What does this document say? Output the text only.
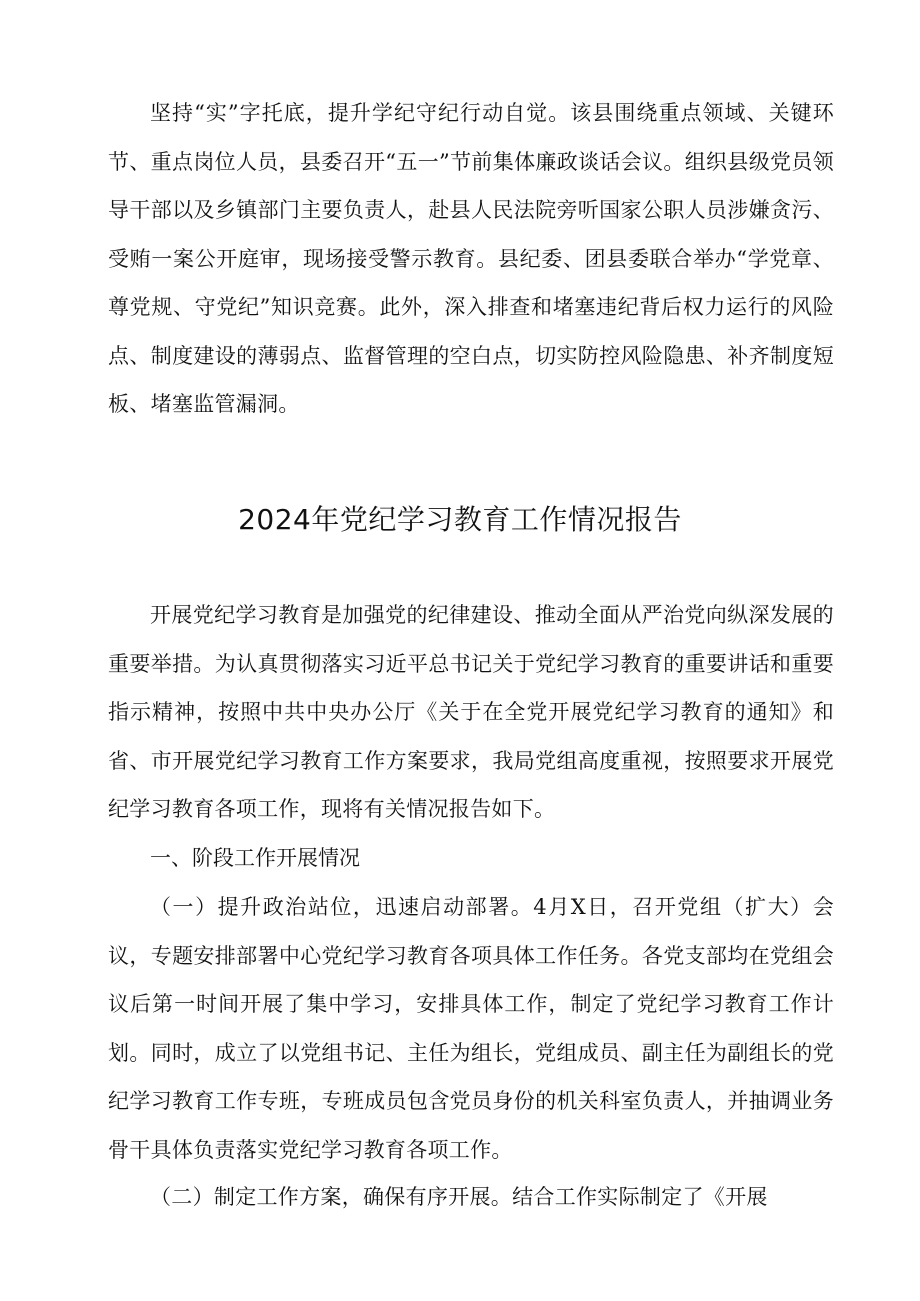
坚持“实”字托底，提升学纪守纪行动自觉。该县围绕重点领域、关键环节、重点岗位人员，县委召开“五一”节前集体廉政谈话会议。组织县级党员领导干部以及乡镇部门主要负责人，赴县人民法院旁听国家公职人员涉嫌贪污、受贿一案公开庭审，现场接受警示教育。县纪委、团县委联合举办“学党章、尊党规、守党纪”知识竞赛。此外，深入排查和堵塞违纪背后权力运行的风险点、制度建设的薄弱点、监督管理的空白点，切实防控风险隐患、补齐制度短板、堵塞监管漏洞。

2024年党纪学习教育工作情况报告

开展党纪学习教育是加强党的纪律建设、推动全面从严治党向纵深发展的重要举措。为认真贯彻落实习近平总书记关于党纪学习教育的重要讲话和重要指示精神，按照中共中央办公厅《关于在全党开展党纪学习教育的通知》和省、市开展党纪学习教育工作方案要求，我局党组高度重视，按照要求开展党纪学习教育各项工作，现将有关情况报告如下。

一、阶段工作开展情况

（一）提升政治站位，迅速启动部署。4月X日，召开党组（扩大）会议，专题安排部署中心党纪学习教育各项具体工作任务。各党支部均在党组会议后第一时间开展了集中学习，安排具体工作，制定了党纪学习教育工作计划。同时，成立了以党组书记、主任为组长，党组成员、副主任为副组长的党纪学习教育工作专班，专班成员包含党员身份的机关科室负责人，并抽调业务骨干具体负责落实党纪学习教育各项工作。

（二）制定工作方案，确保有序开展。结合工作实际制定了《开展
